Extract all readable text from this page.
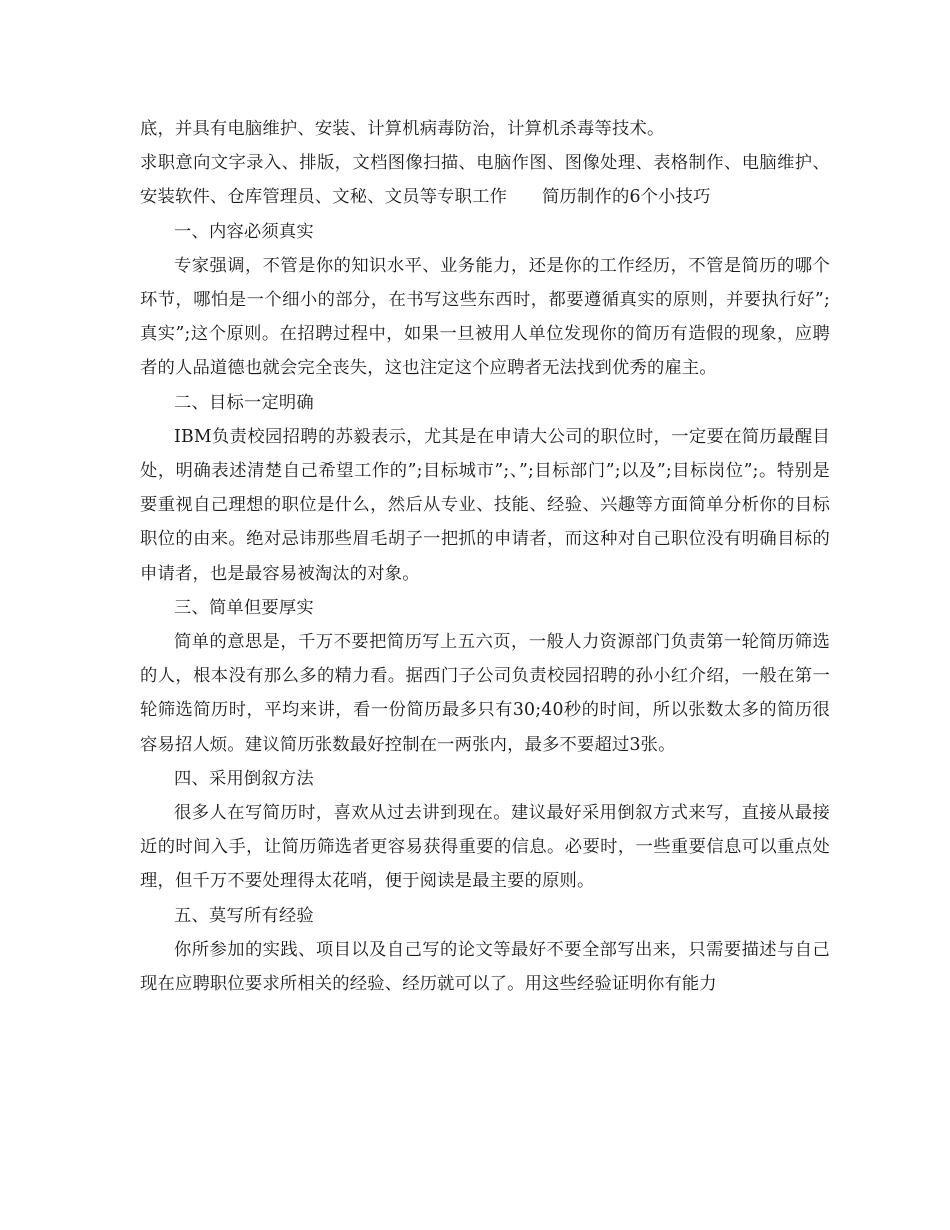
底，并具有电脑维护、安装、计算机病毒防治，计算机杀毒等技术。

求职意向文字录入、排版，文档图像扫描、电脑作图、图像处理、表格制作、电脑维护、安装软件、仓库管理员、文秘、文员等专职工作　　简历制作的6个小技巧

一、内容必须真实

专家强调，不管是你的知识水平、业务能力，还是你的工作经历，不管是简历的哪个环节，哪怕是一个细小的部分，在书写这些东西时，都要遵循真实的原则，并要执行好”;真实”;这个原则。在招聘过程中，如果一旦被用人单位发现你的简历有造假的现象，应聘者的人品道德也就会完全丧失，这也注定这个应聘者无法找到优秀的雇主。

二、目标一定明确

IBM负责校园招聘的苏毅表示，尤其是在申请大公司的职位时，一定要在简历最醒目处，明确表述清楚自己希望工作的”;目标城市”;、”;目标部门”;以及”;目标岗位”;。特别是要重视自己理想的职位是什么，然后从专业、技能、经验、兴趣等方面简单分析你的目标职位的由来。绝对忌讳那些眉毛胡子一把抓的申请者，而这种对自己职位没有明确目标的申请者，也是最容易被淘汰的对象。

三、简单但要厚实

简单的意思是，千万不要把简历写上五六页，一般人力资源部门负责第一轮简历筛选的人，根本没有那么多的精力看。据西门子公司负责校园招聘的孙小红介绍，一般在第一轮筛选简历时，平均来讲，看一份简历最多只有30;40秒的时间，所以张数太多的简历很容易招人烦。建议简历张数最好控制在一两张内，最多不要超过3张。

四、采用倒叙方法

很多人在写简历时，喜欢从过去讲到现在。建议最好采用倒叙方式来写，直接从最接近的时间入手，让简历筛选者更容易获得重要的信息。必要时，一些重要信息可以重点处理，但千万不要处理得太花哨，便于阅读是最主要的原则。

五、莫写所有经验

你所参加的实践、项目以及自己写的论文等最好不要全部写出来，只需要描述与自己现在应聘职位要求所相关的经验、经历就可以了。用这些经验证明你有能力
